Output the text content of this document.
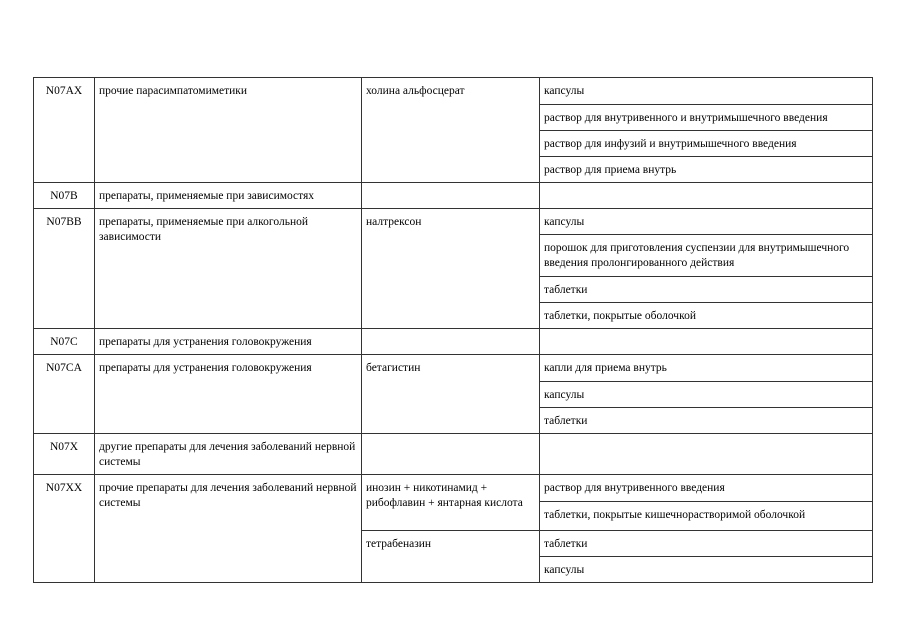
N07AX	прочие парасимпатомиметики	холина альфосцерат	капсулы
			раствор для внутривенного и внутримышечного введения
			раствор для инфузий и внутримышечного введения
			раствор для приема внутрь
N07B	препараты, применяемые при зависимостях		
N07BB	препараты, применяемые при алкогольной зависимости	налтрексон	капсулы
			порошок для приготовления суспензии для внутримышечного введения пролонгированного действия
			таблетки
			таблетки, покрытые оболочкой
N07C	препараты для устранения головокружения		
N07CA	препараты для устранения головокружения	бетагистин	капли для приема внутрь
			капсулы
			таблетки
N07X	другие препараты для лечения заболеваний нервной системы		
N07XX	прочие препараты для лечения заболеваний нервной системы	инозин + никотинамид + рибофлавин + янтарная кислота	раствор для внутривенного введения
			таблетки, покрытые кишечнорастворимой оболочкой
		тетрабеназин	таблетки
			капсулы
